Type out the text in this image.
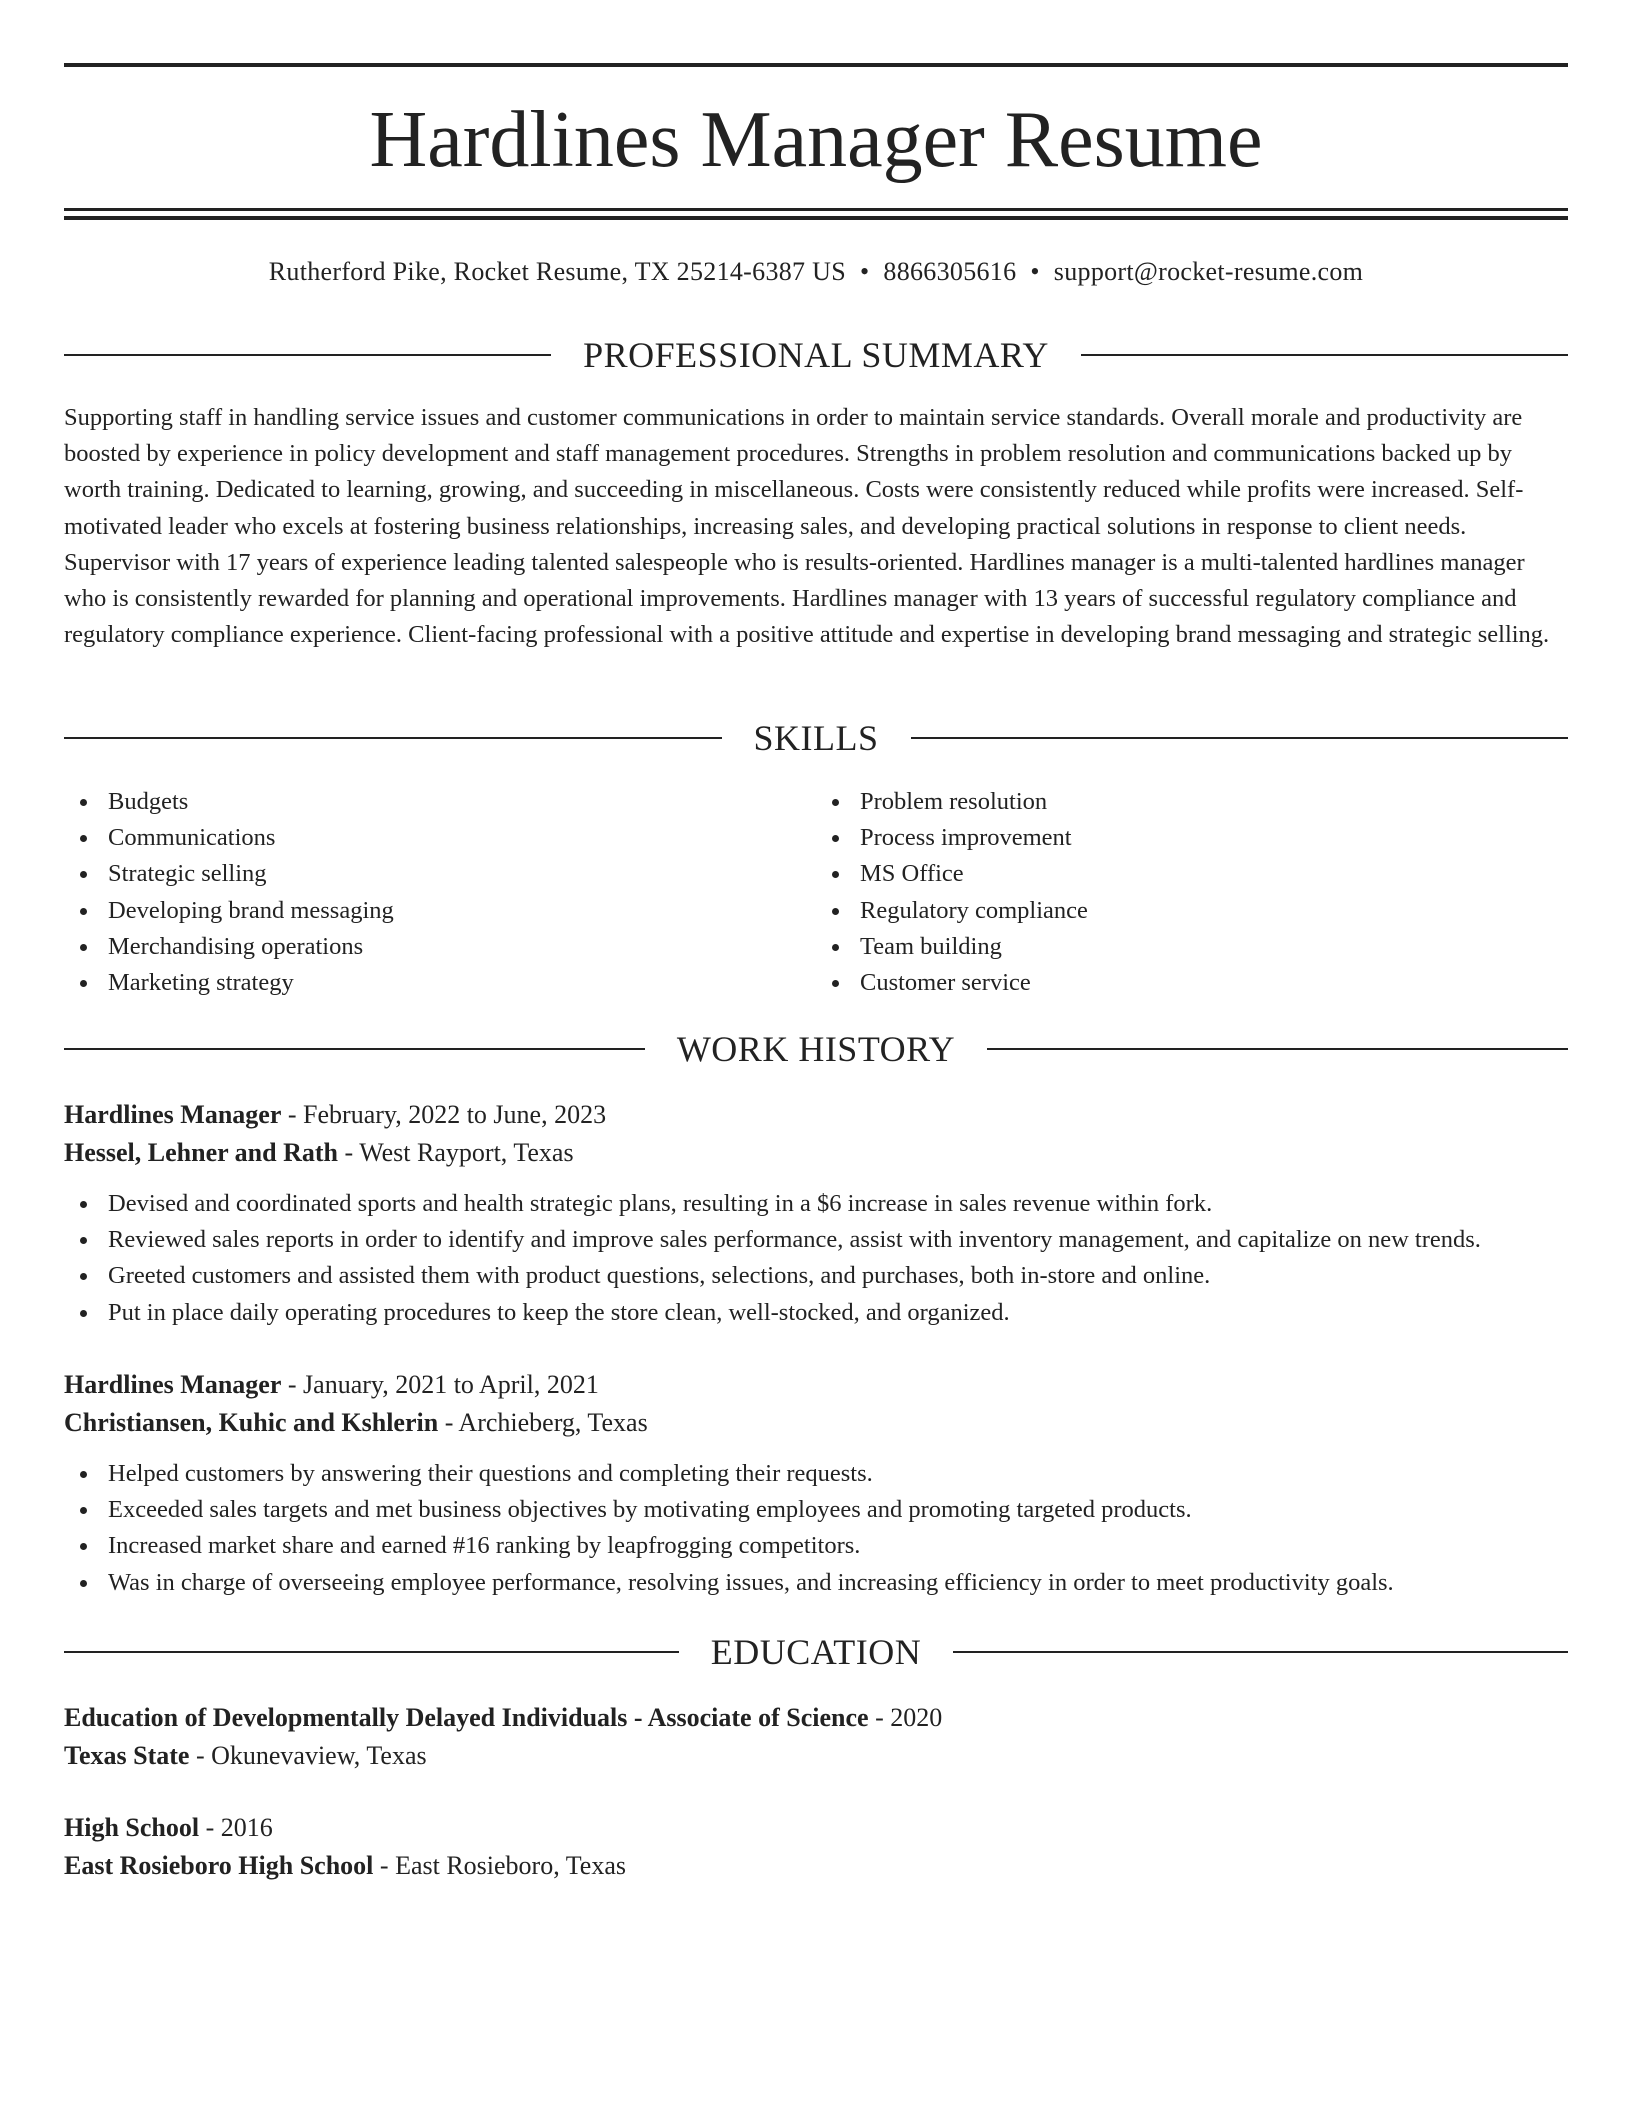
Hardlines Manager Resume
Rutherford Pike, Rocket Resume, TX 25214-6387 US • 8866305616 • support@rocket-resume.com
PROFESSIONAL SUMMARY

Supporting staff in handling service issues and customer communications in order to maintain service standards. Overall morale and productivity are boosted by experience in policy development and staff management procedures. Strengths in problem resolution and communications backed up by worth training. Dedicated to learning, growing, and succeeding in miscellaneous. Costs were consistently reduced while profits were increased. Self-motivated leader who excels at fostering business relationships, increasing sales, and developing practical solutions in response to client needs. Supervisor with 17 years of experience leading talented salespeople who is results-oriented. Hardlines manager is a multi-talented hardlines manager who is consistently rewarded for planning and operational improvements. Hardlines manager with 13 years of successful regulatory compliance and regulatory compliance experience. Client-facing professional with a positive attitude and expertise in developing brand messaging and strategic selling.

SKILLS
Budgets
Communications
Strategic selling
Developing brand messaging
Merchandising operations
Marketing strategy
Problem resolution
Process improvement
MS Office
Regulatory compliance
Team building
Customer service
WORK HISTORY
Hardlines Manager - February, 2022 to June, 2023
Hessel, Lehner and Rath - West Rayport, Texas
Devised and coordinated sports and health strategic plans, resulting in a $6 increase in sales revenue within fork.
Reviewed sales reports in order to identify and improve sales performance, assist with inventory management, and capitalize on new trends.
Greeted customers and assisted them with product questions, selections, and purchases, both in-store and online.
Put in place daily operating procedures to keep the store clean, well-stocked, and organized.
Hardlines Manager - January, 2021 to April, 2021
Christiansen, Kuhic and Kshlerin - Archieberg, Texas
Helped customers by answering their questions and completing their requests.
Exceeded sales targets and met business objectives by motivating employees and promoting targeted products.
Increased market share and earned #16 ranking by leapfrogging competitors.
Was in charge of overseeing employee performance, resolving issues, and increasing efficiency in order to meet productivity goals.
EDUCATION
Education of Developmentally Delayed Individuals - Associate of Science - 2020
Texas State - Okunevaview, Texas
High School - 2016
East Rosieboro High School - East Rosieboro, Texas
